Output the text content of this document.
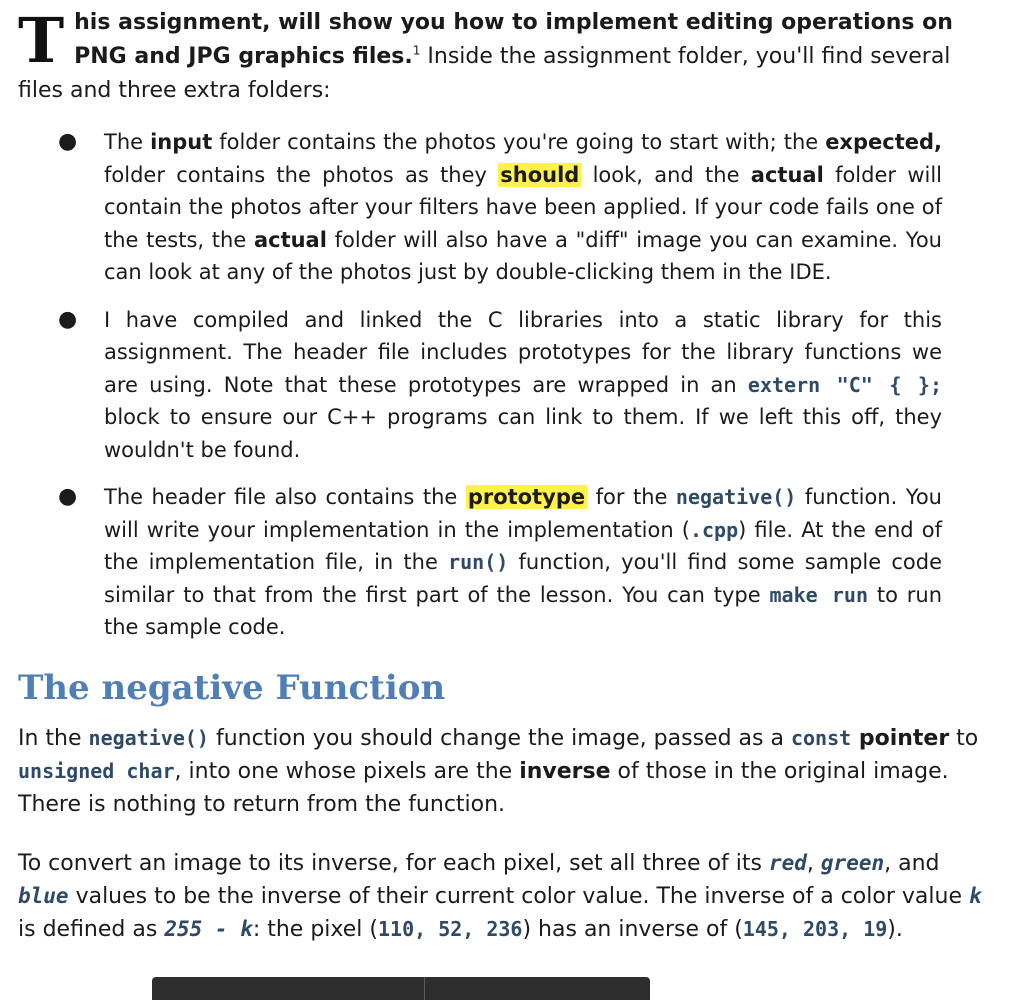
This assignment, will show you how to implement editing operations on PNG and JPG graphics files.$^1$ Inside the assignment folder, you'll find several files and three extra folders:

● The input folder contains the photos you're going to start with; the expected, folder contains the photos as they should look, and the actual folder will contain the photos after your filters have been applied. If your code fails one of the tests, the actual folder will also have a "diff" image you can examine. You can look at any of the photos just by double-clicking them in the IDE.
● I have compiled and linked the C libraries into a static library for this assignment. The header file includes prototypes for the library functions we are using. Note that these prototypes are wrapped in an extern "C" { }; block to ensure our C++ programs can link to them. If we left this off, they wouldn't be found.
● The header file also contains the prototype for the negative() function. You will write your implementation in the implementation (.cpp) file. At the end of the implementation file, in the run() function, you'll find some sample code similar to that from the first part of the lesson. You can type make run to run the sample code.
The negative Function

In the negative() function you should change the image, passed as a const pointer to unsigned char, into one whose pixels are the inverse of those in the original image. There is nothing to return from the function.

To convert an image to its inverse, for each pixel, set all three of its red, green, and blue values to be the inverse of their current color value. The inverse of a color value k is defined as 255 - k: the pixel (110, 52, 236) has an inverse of (145, 203, 19).
